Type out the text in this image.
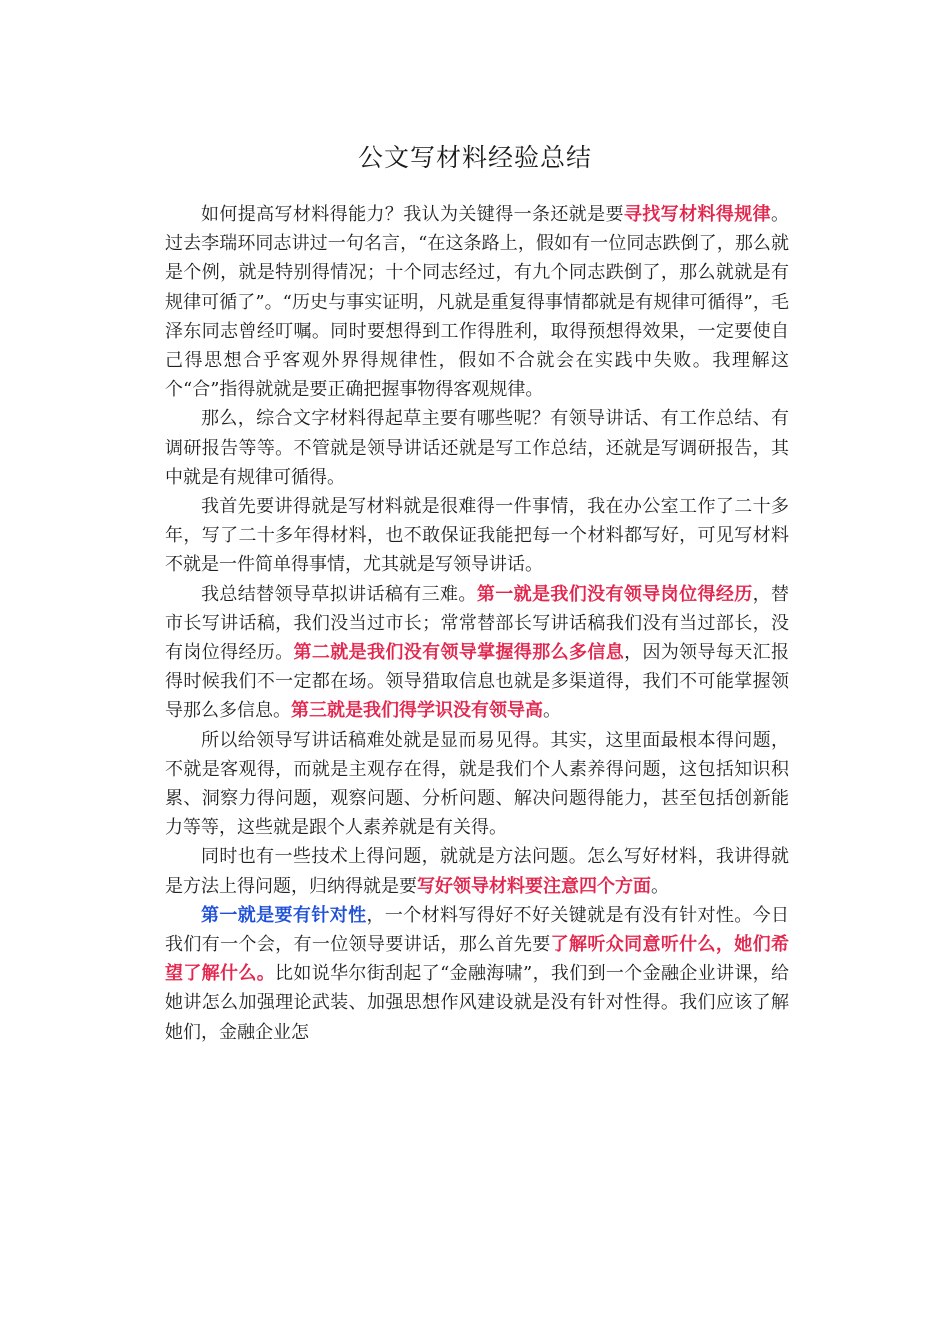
公文写材料经验总结

如何提高写材料得能力？我认为关键得一条还就是要寻找写材料得规律。过去李瑞环同志讲过一句名言，“在这条路上，假如有一位同志跌倒了，那么就是个例，就是特别得情况；十个同志经过，有九个同志跌倒了，那么就就是有规律可循了”。“历史与事实证明，凡就是重复得事情都就是有规律可循得”，毛泽东同志曾经叮嘱。同时要想得到工作得胜利，取得预想得效果，一定要使自己得思想合乎客观外界得规律性，假如不合就会在实践中失败。我理解这个“合”指得就就是要正确把握事物得客观规律。

那么，综合文字材料得起草主要有哪些呢？有领导讲话、有工作总结、有调研报告等等。不管就是领导讲话还就是写工作总结，还就是写调研报告，其中就是有规律可循得。

我首先要讲得就是写材料就是很难得一件事情，我在办公室工作了二十多年，写了二十多年得材料，也不敢保证我能把每一个材料都写好，可见写材料不就是一件简单得事情，尤其就是写领导讲话。

我总结替领导草拟讲话稿有三难。第一就是我们没有领导岗位得经历，替市长写讲话稿，我们没当过市长；常常替部长写讲话稿我们没有当过部长，没有岗位得经历。第二就是我们没有领导掌握得那么多信息，因为领导每天汇报得时候我们不一定都在场。领导猎取信息也就是多渠道得，我们不可能掌握领导那么多信息。第三就是我们得学识没有领导高。

所以给领导写讲话稿难处就是显而易见得。其实，这里面最根本得问题，不就是客观得，而就是主观存在得，就是我们个人素养得问题，这包括知识积累、洞察力得问题，观察问题、分析问题、解决问题得能力，甚至包括创新能力等等，这些就是跟个人素养就是有关得。

同时也有一些技术上得问题，就就是方法问题。怎么写好材料，我讲得就是方法上得问题，归纳得就是要写好领导材料要注意四个方面。

第一就是要有针对性，一个材料写得好不好关键就是有没有针对性。今日我们有一个会，有一位领导要讲话，那么首先要了解听众同意听什么，她们希望了解什么。比如说华尔街刮起了“金融海啸”，我们到一个金融企业讲课，给她讲怎么加强理论武装、加强思想作风建设就是没有针对性得。我们应该了解她们，金融企业怎
